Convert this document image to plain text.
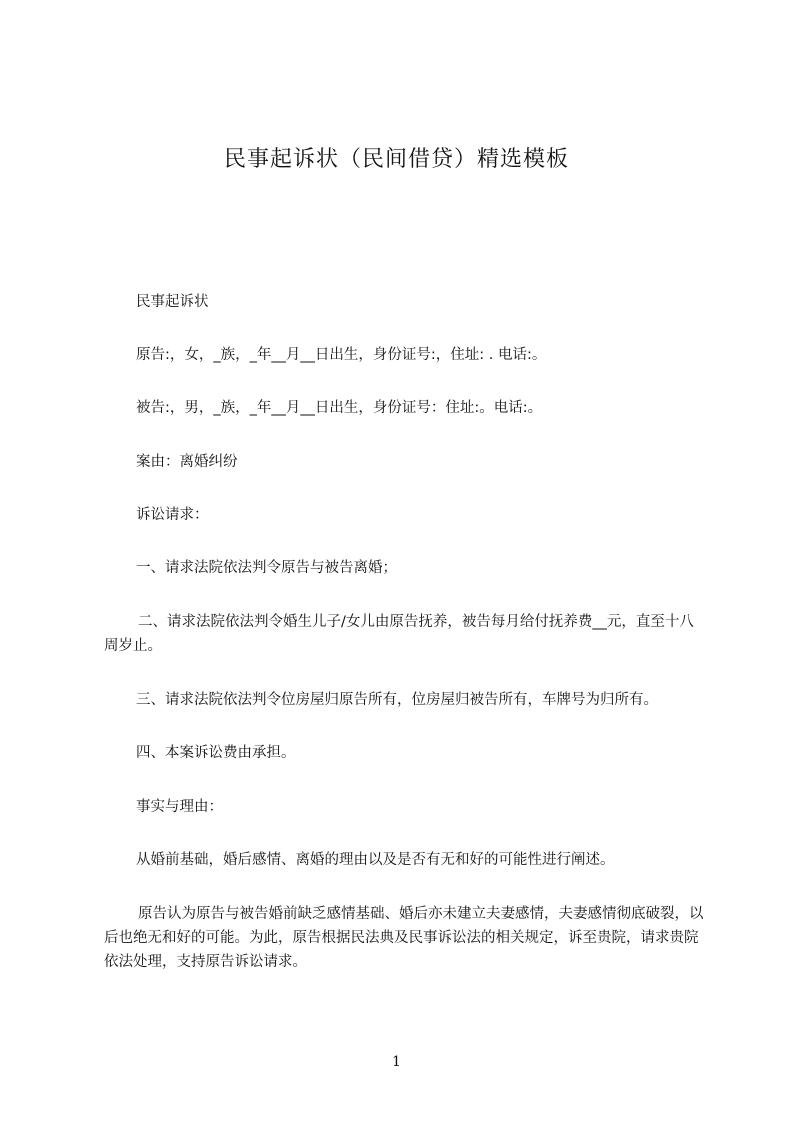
民事起诉状（民间借贷）精选模板
民事起诉状
原告:，女，_族，_年__月__日出生，身份证号:，住址: . 电话:。
被告:，男，_族，_年__月__日出生，身份证号：住址:。电话:。
案由：离婚纠纷
诉讼请求：
一、请求法院依法判令原告与被告离婚；
二、请求法院依法判令婚生儿子/女儿由原告抚养，被告每月给付抚养费__元，直至十八周岁止。
三、请求法院依法判令位房屋归原告所有，位房屋归被告所有，车牌号为归所有。
四、本案诉讼费由承担。
事实与理由：
从婚前基础，婚后感情、离婚的理由以及是否有无和好的可能性进行阐述。
原告认为原告与被告婚前缺乏感情基础、婚后亦未建立夫妻感情，夫妻感情彻底破裂，以后也绝无和好的可能。为此，原告根据民法典及民事诉讼法的相关规定，诉至贵院，请求贵院依法处理，支持原告诉讼请求。
1
